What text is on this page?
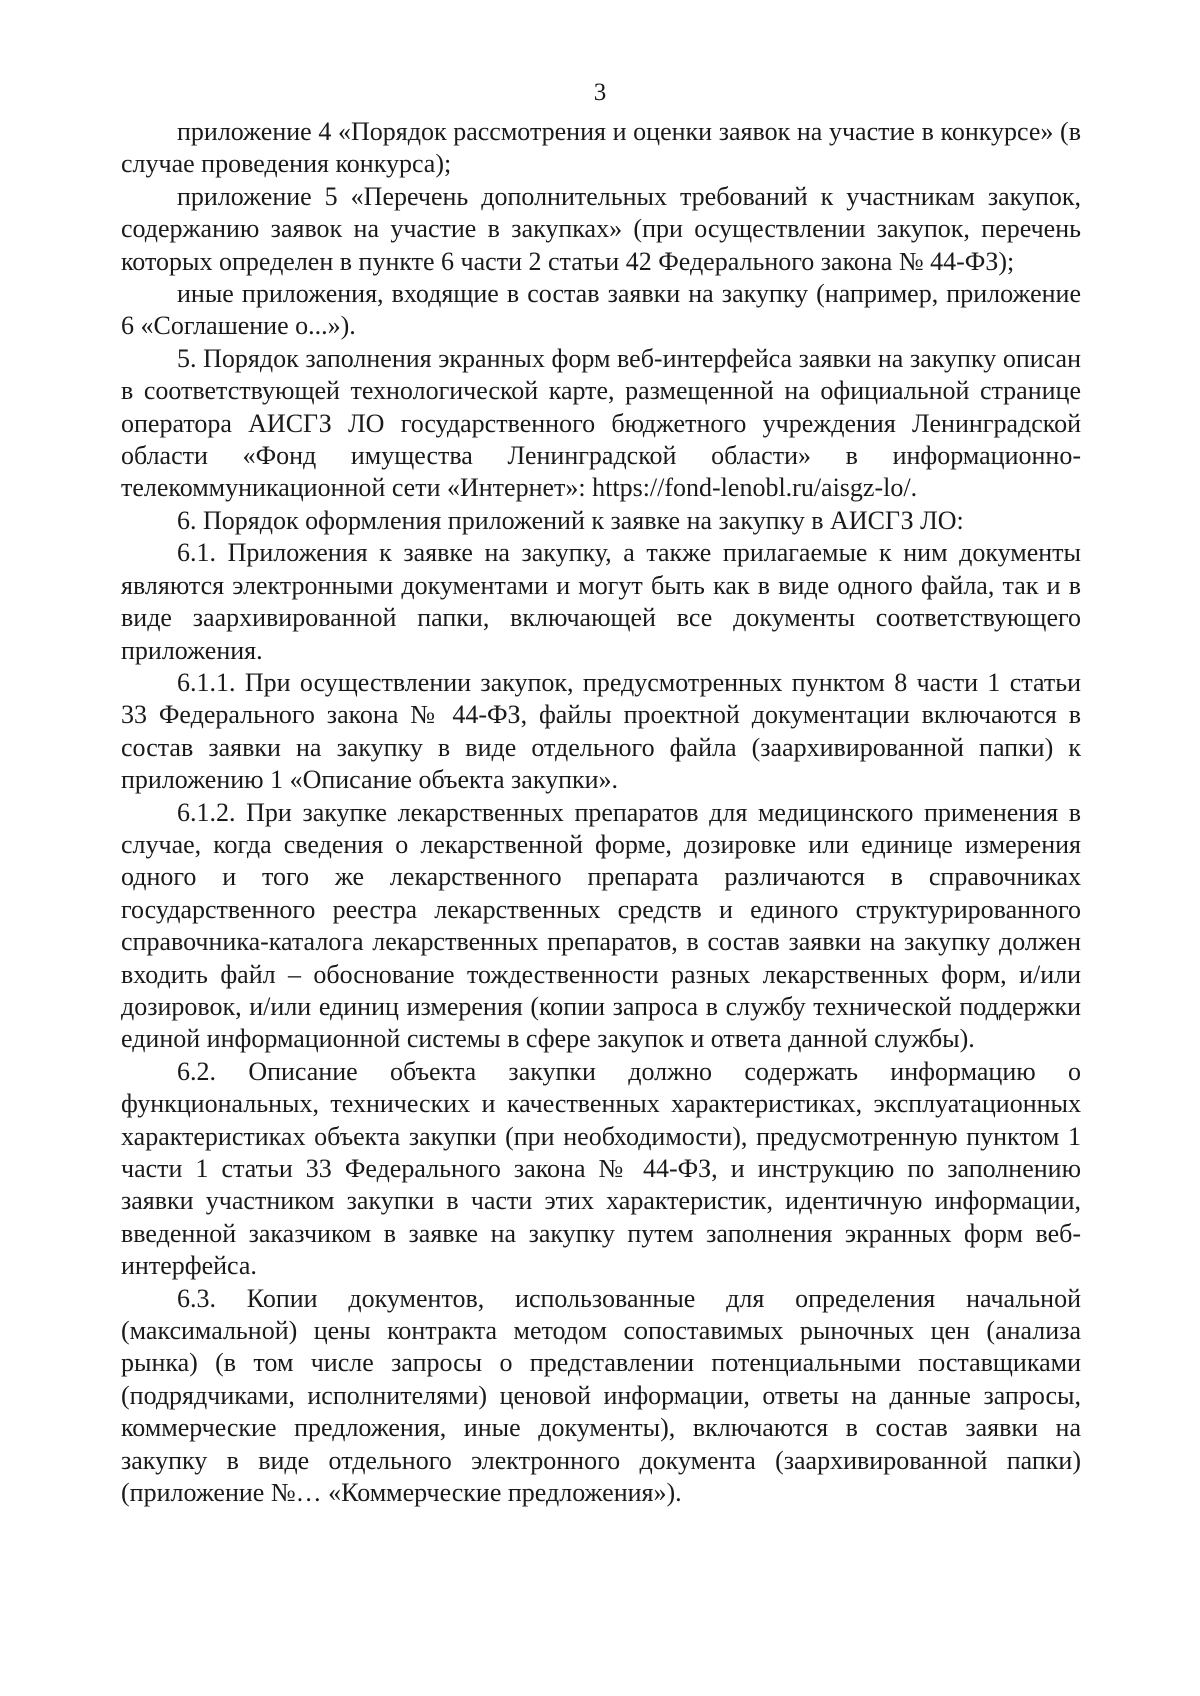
3

приложение 4 «Порядок рассмотрения и оценки заявок на участие в конкурсе» (в случае проведения конкурса);

приложение 5 «Перечень дополнительных требований к участникам закупок, содержанию заявок на участие в закупках» (при осуществлении закупок, перечень которых определен в пункте 6 части 2 статьи 42 Федерального закона № 44-ФЗ);

иные приложения, входящие в состав заявки на закупку (например, приложение 6 «Соглашение о...»).

5. Порядок заполнения экранных форм веб-интерфейса заявки на закупку описан в соответствующей технологической карте, размещенной на официальной странице оператора АИСГЗ ЛО государственного бюджетного учреждения Ленинградской области «Фонд имущества Ленинградской области» в информационно-телекоммуникационной сети «Интернет»: https://fond-lenobl.ru/aisgz-lo/.

6. Порядок оформления приложений к заявке на закупку в АИСГЗ ЛО:

6.1. Приложения к заявке на закупку, а также прилагаемые к ним документы являются электронными документами и могут быть как в виде одного файла, так и в виде заархивированной папки, включающей все документы соответствующего приложения.

6.1.1. При осуществлении закупок, предусмотренных пунктом 8 части 1 статьи 33 Федерального закона № 44-ФЗ, файлы проектной документации включаются в состав заявки на закупку в виде отдельного файла (заархивированной папки) к приложению 1 «Описание объекта закупки».

6.1.2. При закупке лекарственных препаратов для медицинского применения в случае, когда сведения о лекарственной форме, дозировке или единице измерения одного и того же лекарственного препарата различаются в справочниках государственного реестра лекарственных средств и единого структурированного справочника-каталога лекарственных препаратов, в состав заявки на закупку должен входить файл – обоснование тождественности разных лекарственных форм, и/или дозировок, и/или единиц измерения (копии запроса в службу технической поддержки единой информационной системы в сфере закупок и ответа данной службы).

6.2. Описание объекта закупки должно содержать информацию о функциональных, технических и качественных характеристиках, эксплуатационных характеристиках объекта закупки (при необходимости), предусмотренную пунктом 1 части 1 статьи 33 Федерального закона № 44-ФЗ, и инструкцию по заполнению заявки участником закупки в части этих характеристик, идентичную информации, введенной заказчиком в заявке на закупку путем заполнения экранных форм веб-интерфейса.

6.3. Копии документов, использованные для определения начальной (максимальной) цены контракта методом сопоставимых рыночных цен (анализа рынка) (в том числе запросы о представлении потенциальными поставщиками (подрядчиками, исполнителями) ценовой информации, ответы на данные запросы, коммерческие предложения, иные документы), включаются в состав заявки на закупку в виде отдельного электронного документа (заархивированной папки) (приложение №… «Коммерческие предложения»).
